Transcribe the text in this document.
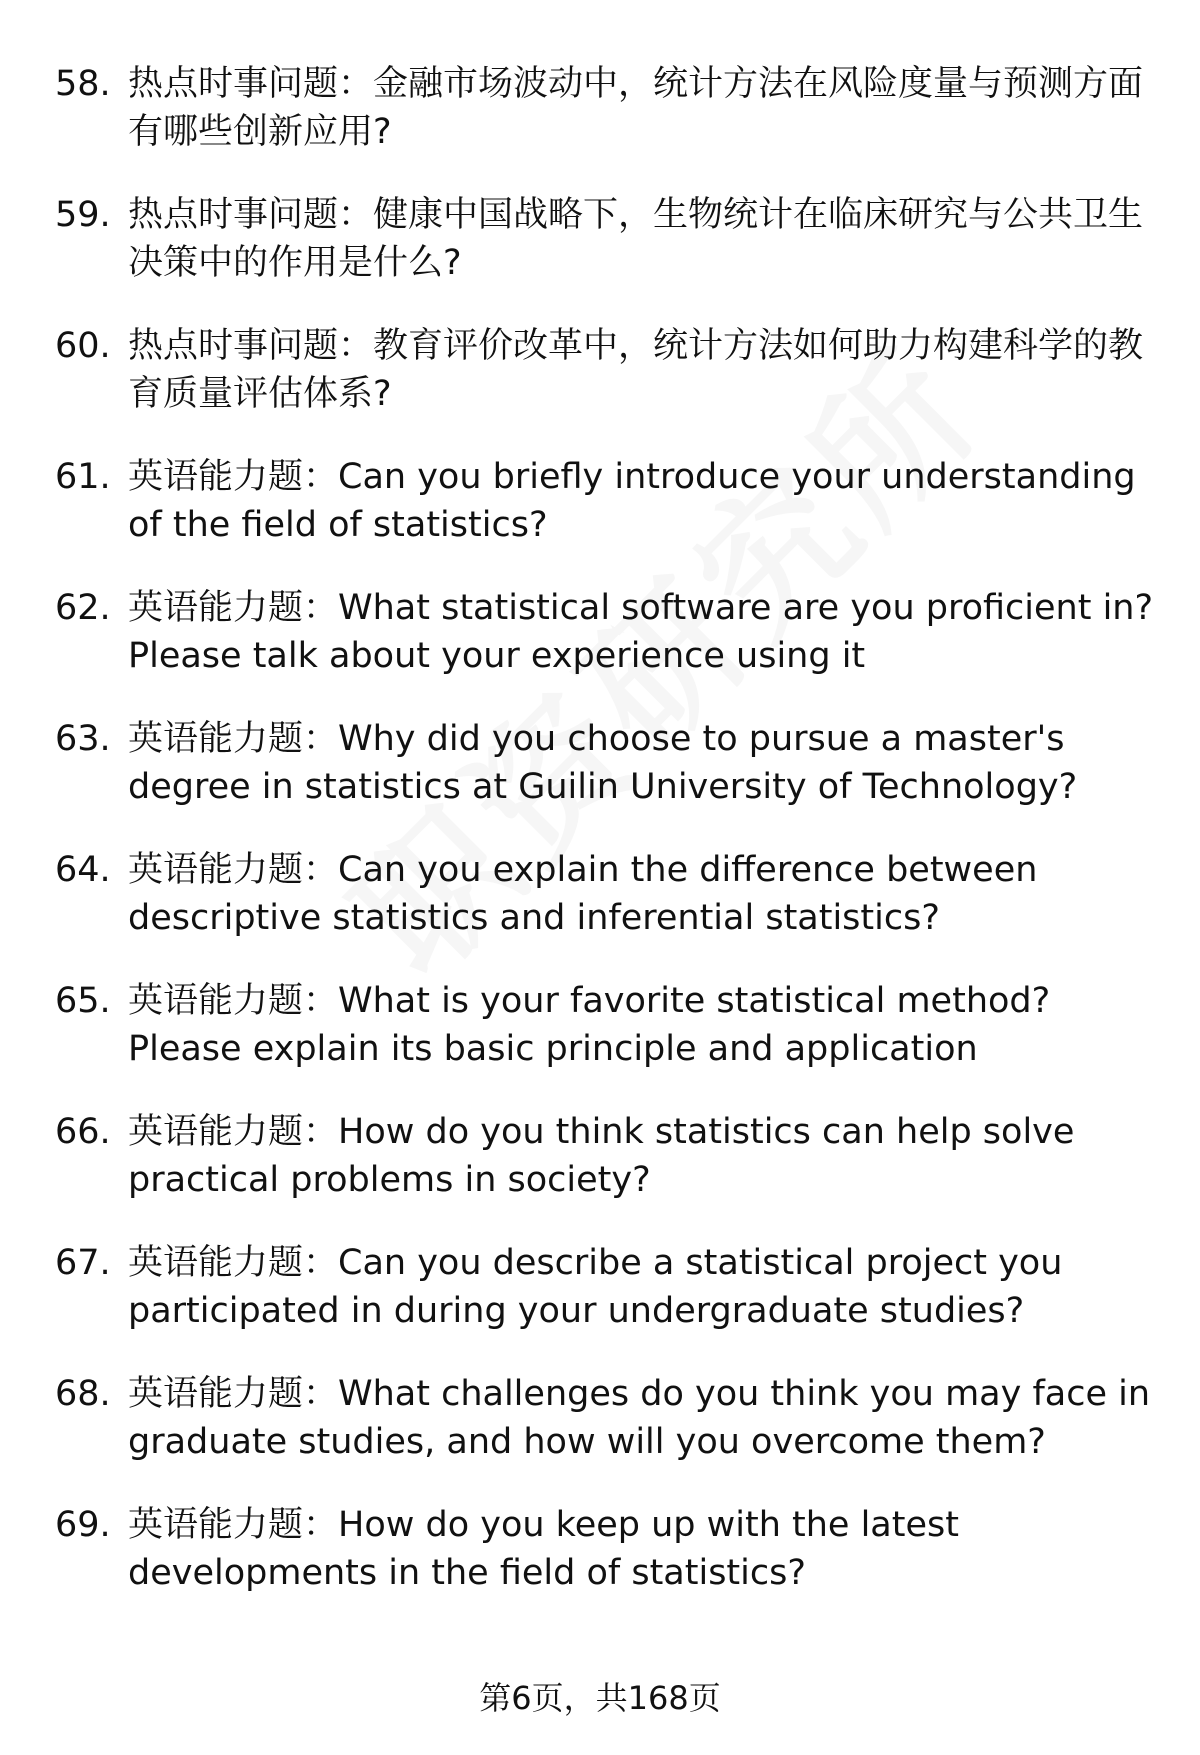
58. 热点时事问题：金融市场波动中，统计方法在风险度量与预测方面有哪些创新应用?
59. 热点时事问题：健康中国战略下，生物统计在临床研究与公共卫生决策中的作用是什么?
60. 热点时事问题：教育评价改革中，统计方法如何助力构建科学的教育质量评估体系?
61. 英语能力题：Can you briefly introduce your understanding of the field of statistics?
62. 英语能力题：What statistical software are you proficient in? Please talk about your experience using it
63. 英语能力题：Why did you choose to pursue a master's degree in statistics at Guilin University of Technology?
64. 英语能力题：Can you explain the difference between descriptive statistics and inferential statistics?
65. 英语能力题：What is your favorite statistical method? Please explain its basic principle and application
66. 英语能力题：How do you think statistics can help solve practical problems in society?
67. 英语能力题：Can you describe a statistical project you participated in during your undergraduate studies?
68. 英语能力题：What challenges do you think you may face in graduate studies, and how will you overcome them?
69. 英语能力题：How do you keep up with the latest developments in the field of statistics?
第6页，共168页
